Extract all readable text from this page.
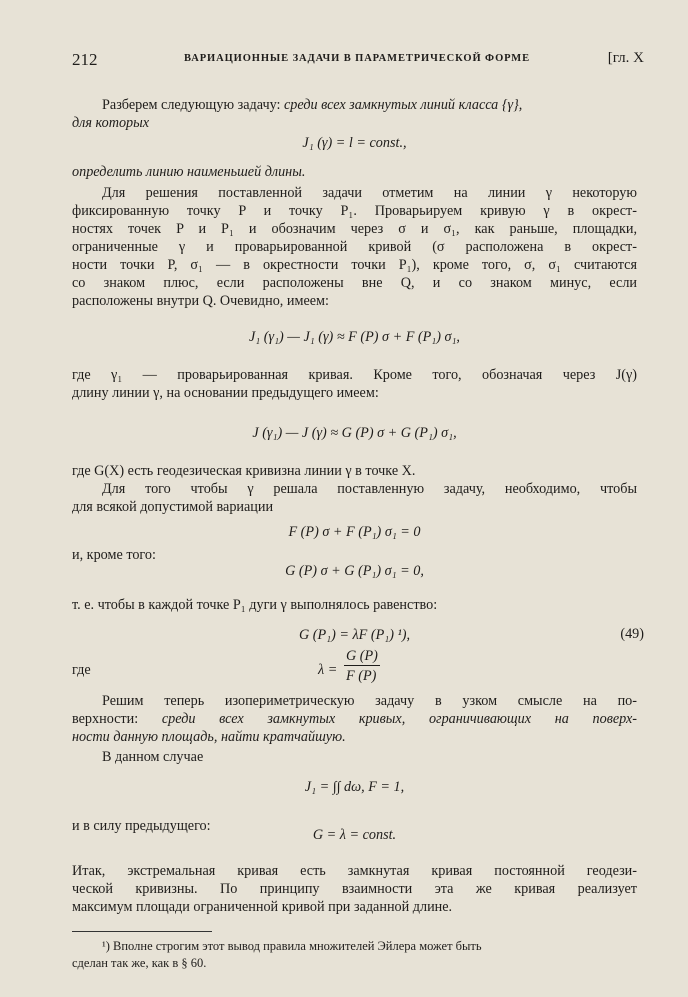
212	ВАРИАЦИОННЫЕ ЗАДАЧИ В ПАРАМЕТРИЧЕСКОЙ ФОРМЕ	[гл. X
Разберем следующую задачу: среди всех замкнутых линий класса {γ},
для которых
J₁ (γ) = l = const.,
определить линию наименьшей длины.
Для решения поставленной задачи отметим на линии γ некоторую
фиксированную точку P и точку P₁. Проварьируем кривую γ в окрест-
ностях точек P и P₁ и обозначим через σ и σ₁, как раньше, площадки,
ограниченные γ и проварьированной кривой (σ расположена в окрест-
ности точки P, σ₁ — в окрестности точки P₁), кроме того, σ, σ₁ считаются
со знаком плюс, если расположены вне Q, и со знаком минус, если
расположены внутри Q. Очевидно, имеем:
J₁ (γ₁) — J₁ (γ) ≈ F (P) σ + F (P₁) σ₁,
где γ₁ — проварьированная кривая. Кроме того, обозначая через J(γ)
длину линии γ, на основании предыдущего имеем:
J (γ₁) — J (γ) ≈ G (P) σ + G (P₁) σ₁,
где G(X) есть геодезическая кривизна линии γ в точке X.
Для того чтобы γ решала поставленную задачу, необходимо, чтобы
для всякой допустимой вариации
F (P) σ + F (P₁) σ₁ = 0
и, кроме того:
G (P) σ + G (P₁) σ₁ = 0,
т. е. чтобы в каждой точке P₁ дуги γ выполнялось равенство:
G (P₁) = λF (P₁) ¹),	(49)
где	λ =
G (P)
F (P)
Решим теперь изопериметрическую задачу в узком смысле на по-
верхности: среди всех замкнутых кривых, ограничивающих на поверх-
ности данную площадь, найти кратчайшую.
В данном случае
J₁ = ∫∫ dω, F = 1,
и в силу предыдущего:
G = λ = const.
Итак, экстремальная кривая есть замкнутая кривая постоянной геодези-
ческой кривизны. По принципу взаимности эта же кривая реализует
максимум площади ограниченной кривой при заданной длине.
¹) Вполне строгим этот вывод правила множителей Эйлера может быть
сделан так же, как в § 60.
